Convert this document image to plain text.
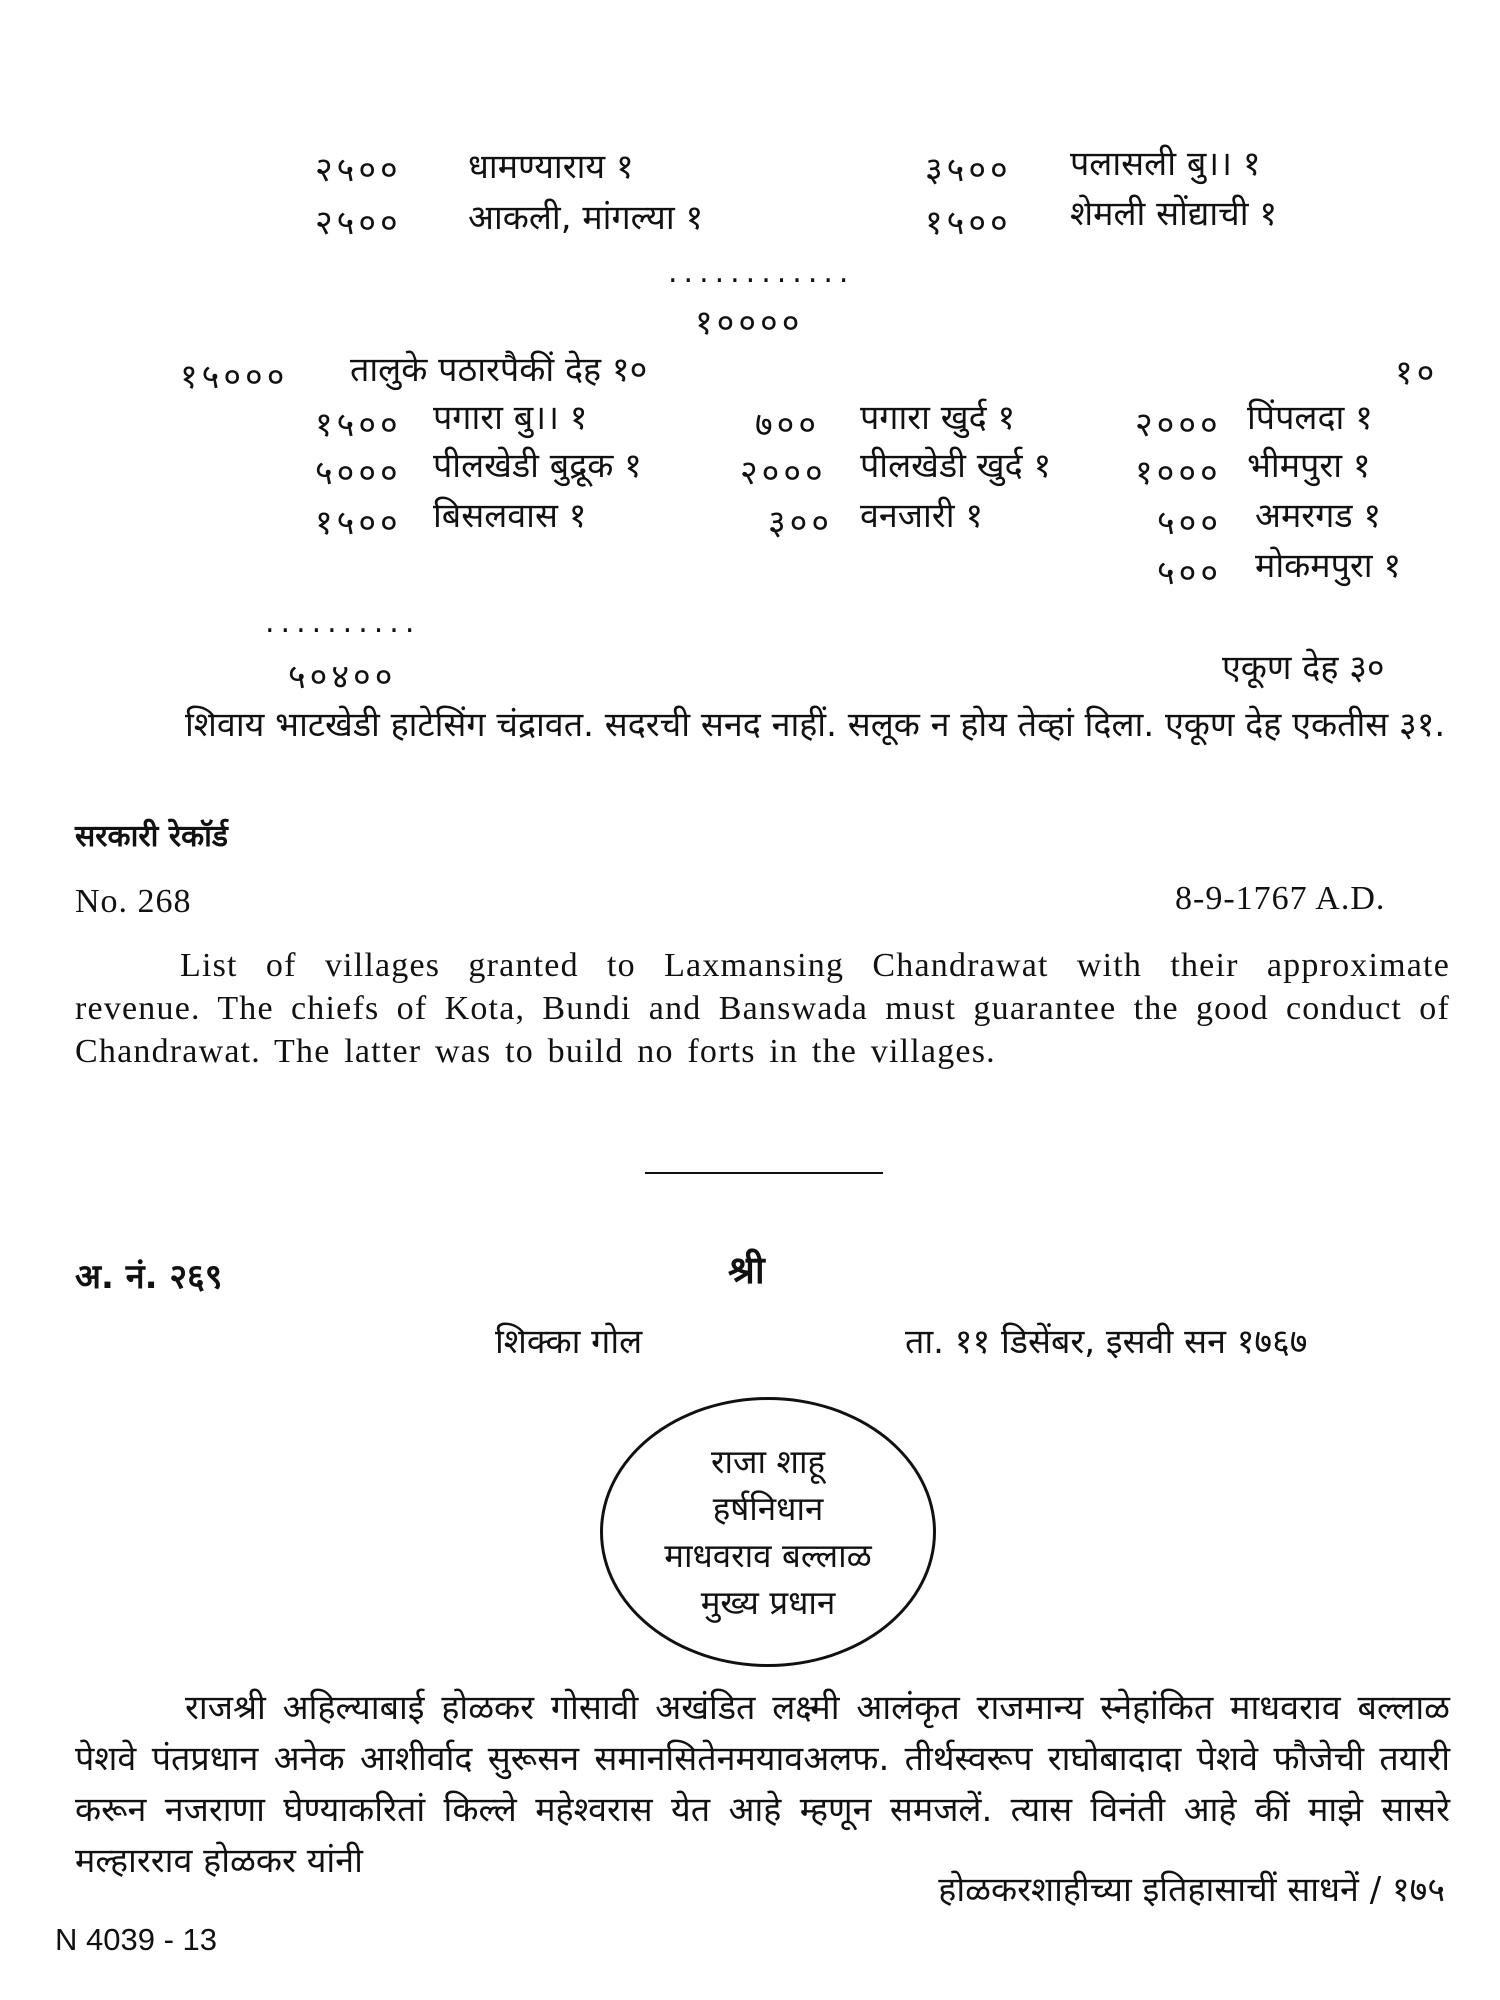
२५०० धामण्याराय १	३५०० पलासली बु।। १
२५०० आकली, मांगल्या १	१५०० शेमली सोंद्याची १
............
१००००
१५००० तालुके पठारपैकीं देह १०	१०
१५०० पगारा बु।। १	७०० पगारा खुर्द १	२००० पिंपलदा १
५००० पीलखेडी बुद्रूक १	२००० पीलखेडी खुर्द १ १००० भीमपुरा १
१५०० बिसलवास १	३०० वनजारी १	५०० अमरगड १
५०० मोकमपुरा १
..........
५०४००	एकूण देह ३०
शिवाय भाटखेडी हाटेसिंग चंद्रावत. सदरची सनद नाहीं. सलूक न होय तेव्हां दिला. एकूण देह एकतीस ३१.
सरकारी रेकॉर्ड
No. 268	8-9-1767 A.D.
List of villages granted to Laxmansing Chandrawat with their approximate revenue. The chiefs of Kota, Bundi and Banswada must guarantee the good conduct of Chandrawat. The latter was to build no forts in the villages.
अ. नं. २६९	श्री
शिक्का गोल	ता. ११ डिसेंबर, इसवी सन १७६७
राजा शाहू
हर्षनिधान
माधवराव बल्लाळ
मुख्य प्रधान
राजश्री अहिल्याबाई होळकर गोसावी अखंडित लक्ष्मी आलंकृत राजमान्य स्नेहांकित माधवराव बल्लाळ पेशवे पंतप्रधान अनेक आशीर्वाद सुरूसन समानसितेनमयावअलफ. तीर्थस्वरूप राघोबादादा पेशवे फौजेची तयारी करून नजराणा घेण्याकरितां किल्ले महेश्वरास येत आहे म्हणून समजलें. त्यास विनंती आहे कीं माझे सासरे मल्हारराव होळकर यांनी
होळकरशाहीच्या इतिहासाचीं साधनें / १७५
N 4039 - 13
